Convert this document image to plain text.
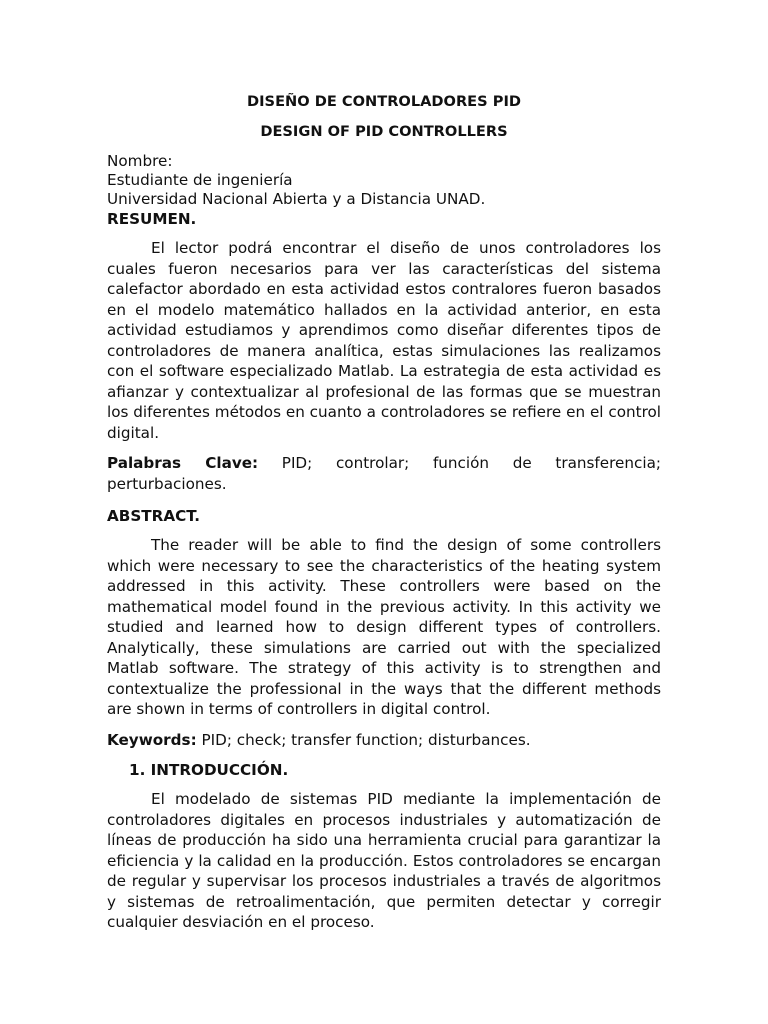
DISEÑO DE CONTROLADORES PID

DESIGN OF PID CONTROLLERS

Nombre:
Estudiante de ingeniería
Universidad Nacional Abierta y a Distancia UNAD.

RESUMEN.

El lector podrá encontrar el diseño de unos controladores los cuales fueron necesarios para ver las características del sistema calefactor abordado en esta actividad estos contralores fueron basados en el modelo matemático hallados en la actividad anterior, en esta actividad estudiamos y aprendimos como diseñar diferentes tipos de controladores de manera analítica, estas simulaciones las realizamos con el software especializado Matlab. La estrategia de esta actividad es afianzar y contextualizar al profesional de las formas que se muestran los diferentes métodos en cuanto a controladores se refiere en el control digital.

Palabras Clave: PID; controlar; función de transferencia; perturbaciones.

ABSTRACT.

The reader will be able to find the design of some controllers which were necessary to see the characteristics of the heating system addressed in this activity. These controllers were based on the mathematical model found in the previous activity. In this activity we studied and learned how to design different types of controllers. Analytically, these simulations are carried out with the specialized Matlab software. The strategy of this activity is to strengthen and contextualize the professional in the ways that the different methods are shown in terms of controllers in digital control.

Keywords: PID; check; transfer function; disturbances.

1. INTRODUCCIÓN.

El modelado de sistemas PID mediante la implementación de controladores digitales en procesos industriales y automatización de líneas de producción ha sido una herramienta crucial para garantizar la eficiencia y la calidad en la producción. Estos controladores se encargan de regular y supervisar los procesos industriales a través de algoritmos y sistemas de retroalimentación, que permiten detectar y corregir cualquier desviación en el proceso.
